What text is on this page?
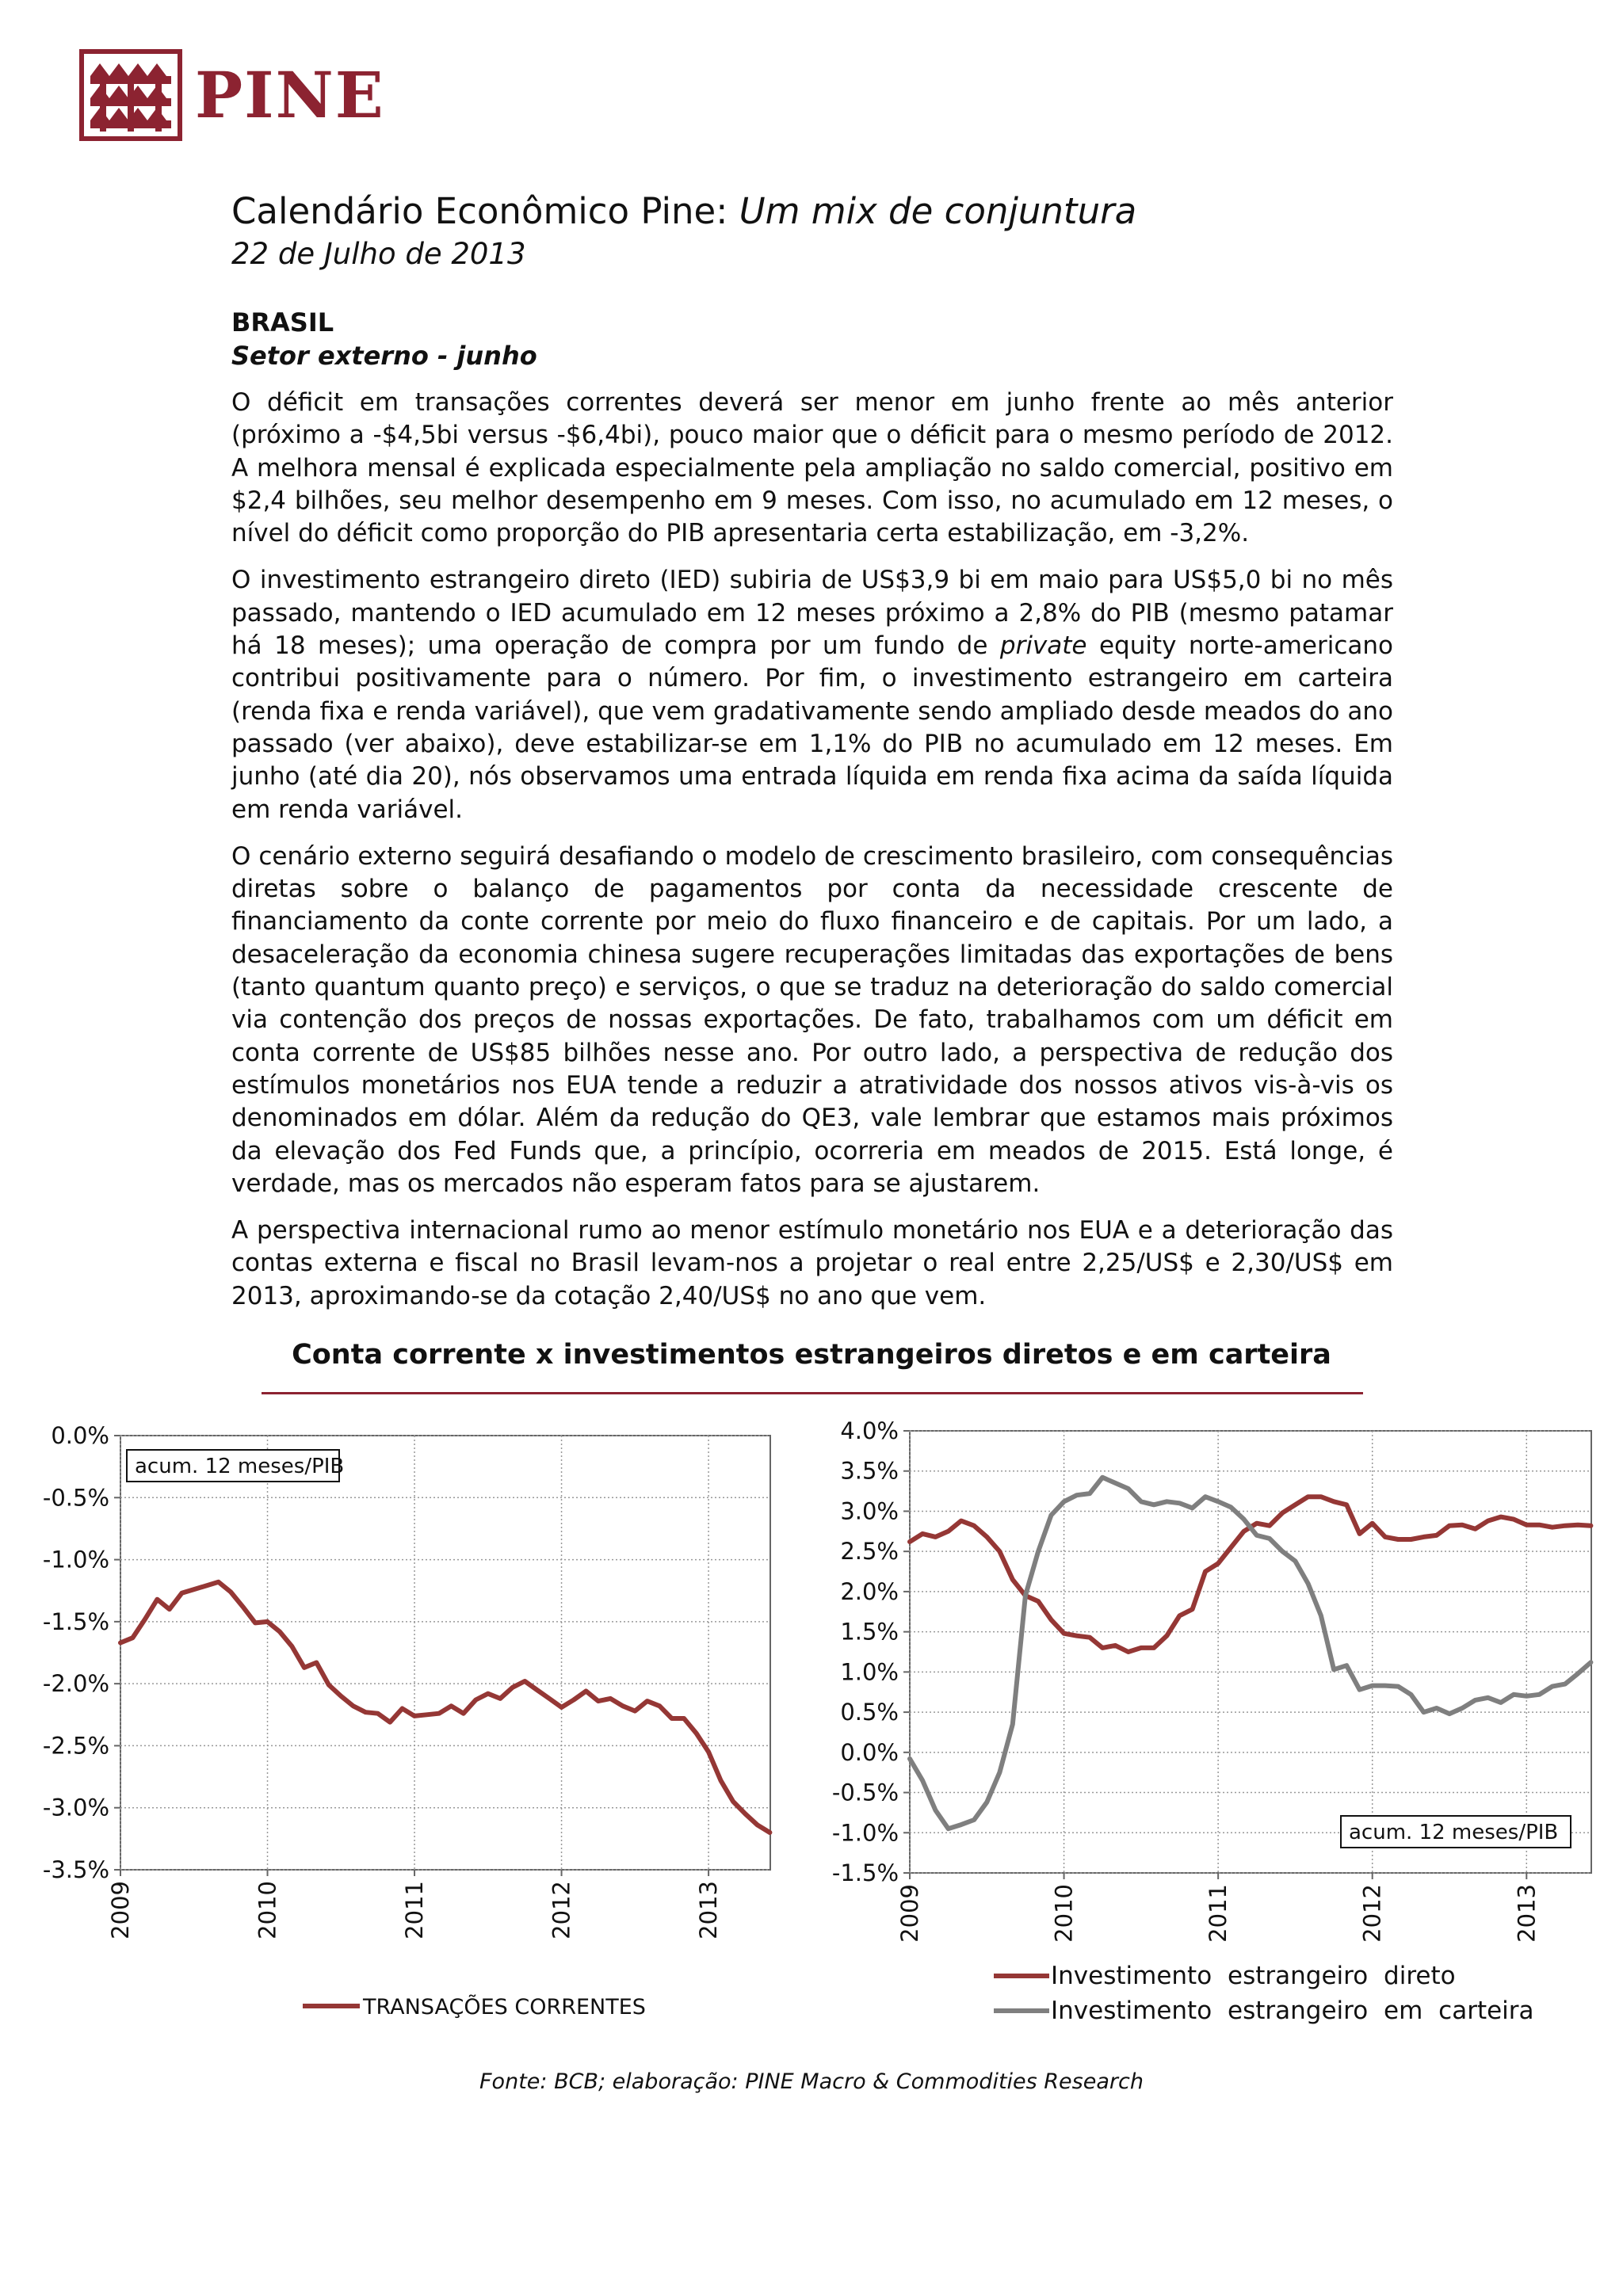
PINE
Calendário Econômico Pine: Um mix de conjuntura
22 de Julho de 2013
BRASIL
Setor externo - junho

O déficit em transações correntes deverá ser menor em junho frente ao mês anterior (próximo a -$4,5bi versus -$6,4bi), pouco maior que o déficit para o mesmo período de 2012. A melhora mensal é explicada especialmente pela ampliação no saldo comercial, positivo em $2,4 bilhões, seu melhor desempenho em 9 meses. Com isso, no acumulado em 12 meses, o nível do déficit como proporção do PIB apresentaria certa estabilização, em -3,2%.

O investimento estrangeiro direto (IED) subiria de US$3,9 bi em maio para US$5,0 bi no mês passado, mantendo o IED acumulado em 12 meses próximo a 2,8% do PIB (mesmo patamar há 18 meses); uma operação de compra por um fundo de private equity norte-americano contribui positivamente para o número. Por fim, o investimento estrangeiro em carteira (renda fixa e renda variável), que vem gradativamente sendo ampliado desde meados do ano passado (ver abaixo), deve estabilizar-se em 1,1% do PIB no acumulado em 12 meses. Em junho (até dia 20), nós observamos uma entrada líquida em renda fixa acima da saída líquida em renda variável.

O cenário externo seguirá desafiando o modelo de crescimento brasileiro, com consequências diretas sobre o balanço de pagamentos por conta da necessidade crescente de financiamento da conte corrente por meio do fluxo financeiro e de capitais. Por um lado, a desaceleração da economia chinesa sugere recuperações limitadas das exportações de bens (tanto quantum quanto preço) e serviços, o que se traduz na deterioração do saldo comercial via contenção dos preços de nossas exportações. De fato, trabalhamos com um déficit em conta corrente de US$85 bilhões nesse ano. Por outro lado, a perspectiva de redução dos estímulos monetários nos EUA tende a reduzir a atratividade dos nossos ativos vis-à-vis os denominados em dólar. Além da redução do QE3, vale lembrar que estamos mais próximos da elevação dos Fed Funds que, a princípio, ocorreria em meados de 2015. Está longe, é verdade, mas os mercados não esperam fatos para se ajustarem.

A perspectiva internacional rumo ao menor estímulo monetário nos EUA e a deterioração das contas externa e fiscal no Brasil levam-nos a projetar o real entre 2,25/US$ e 2,30/US$ em 2013, aproximando-se da cotação 2,40/US$ no ano que vem.

Conta corrente x investimentos estrangeiros diretos e em carteira
0.0%
-0.5%
-1.0%
-1.5%
-2.0%
-2.5%
-3.0%
-3.5%
2009	2010	2011	2012	2013
acum. 12 meses/PIB
TRANSAÇÕES CORRENTES
4.0%
3.5%
3.0%
2.5%
2.0%
1.5%
1.0%
0.5%
0.0%
-0.5%
-1.0%
-1.5%
2009	2010	2011	2012	2013
acum. 12 meses/PIB
Investimento estrangeiro direto
Investimento estrangeiro em carteira
Fonte: BCB; elaboração: PINE Macro & Commodities Research
